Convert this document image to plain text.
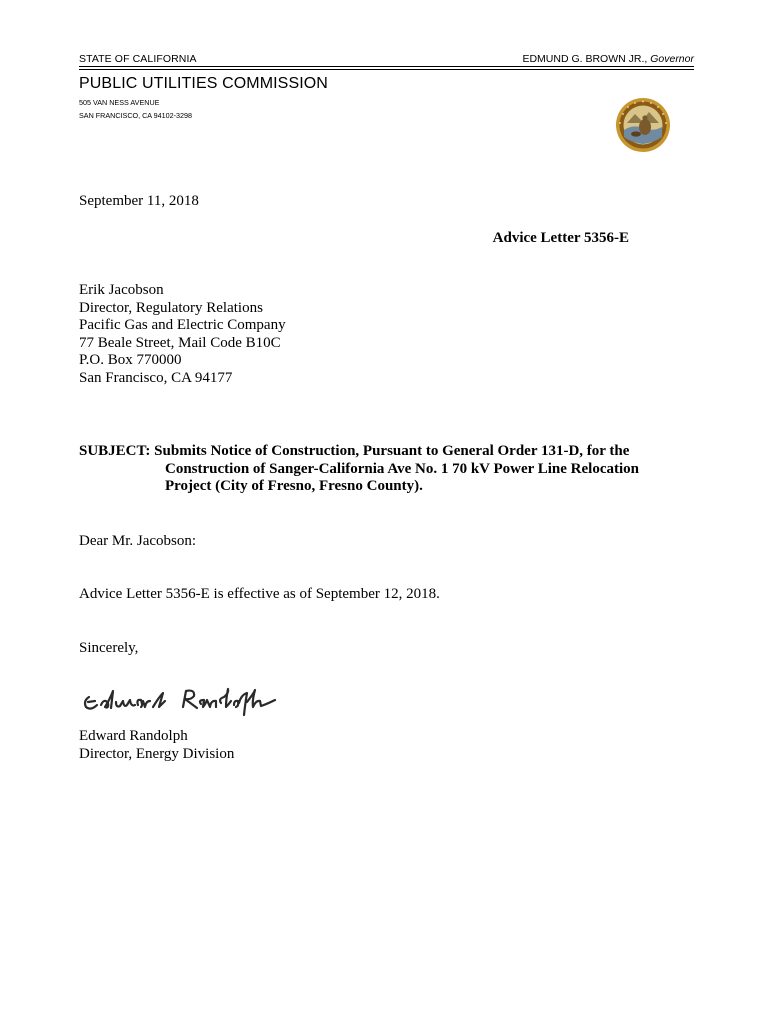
STATE OF CALIFORNIA	EDMUND G. BROWN JR., Governor
PUBLIC UTILITIES COMMISSION
505 VAN NESS AVENUE
SAN FRANCISCO, CA 94102-3298
September 11, 2018
Advice Letter 5356-E
Erik Jacobson
Director, Regulatory Relations
Pacific Gas and Electric Company
77 Beale Street, Mail Code B10C
P.O. Box 770000
San Francisco, CA 94177
SUBJECT: Submits Notice of Construction, Pursuant to General Order 131-D, for the
Construction of Sanger-California Ave No. 1 70 kV Power Line Relocation
Project (City of Fresno, Fresno County).
Dear Mr. Jacobson:
Advice Letter 5356-E is effective as of September 12, 2018.
Sincerely,
Edward Randolph
Director, Energy Division
